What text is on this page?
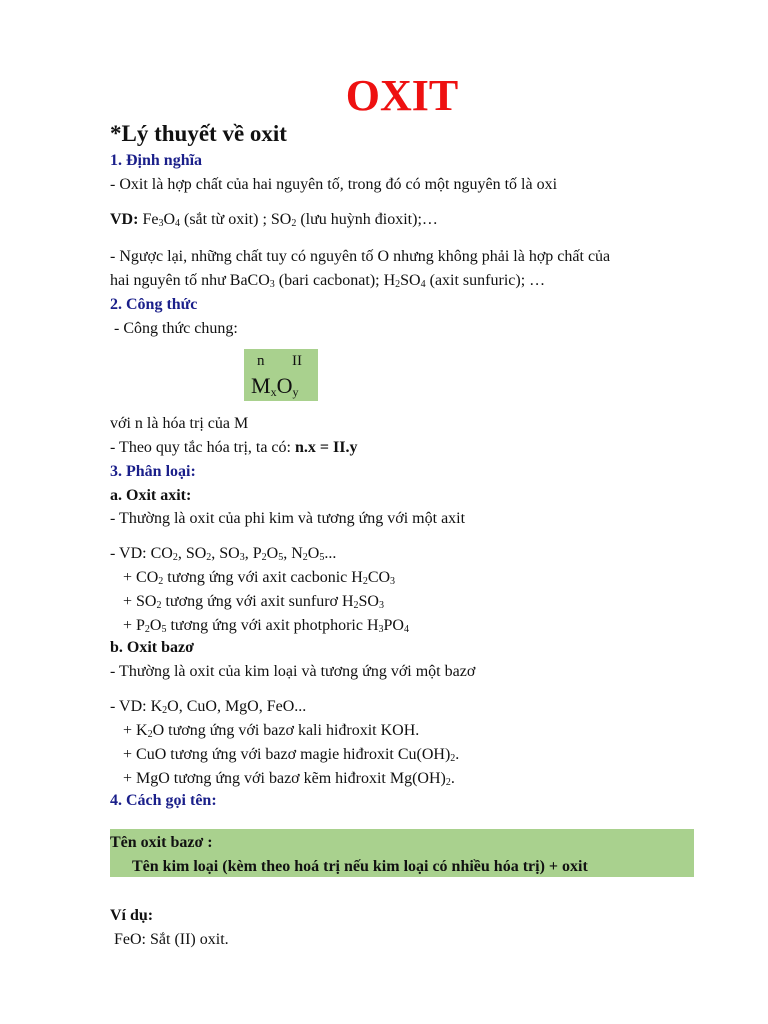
OXIT
*Lý thuyết về oxit
1. Định nghĩa
- Oxit là hợp chất của hai nguyên tố, trong đó có một nguyên tố là oxi
VD: $Fe_3O_4$ (sắt từ oxit) ; $SO_2$ (lưu huỳnh đioxit);…
- Ngược lại, những chất tuy có nguyên tố O nhưng không phải là hợp chất của
hai nguyên tố như BaCO$_3$ (bari cacbonat); $H_2SO_4$ (axit sunfuric); …
2. Công thức
- Công thức chung:
n II
$M_xO_y$
với n là hóa trị của M
- Theo quy tắc hóa trị, ta có: n.x = II.y
3. Phân loại:
a. Oxit axit:
- Thường là oxit của phi kim và tương ứng với một axit
- VD: $CO_2$, $SO_2$, $SO_3$, $P_2O_5$, $N_2O_5$...
+ $CO_2$ tương ứng với axit cacbonic $H_2CO_3$
+ $SO_2$ tương ứng với axit sunfurơ $H_2SO_3$
+ $P_2O_5$ tương ứng với axit photphoric $H_3PO_4$
b. Oxit bazơ
- Thường là oxit của kim loại và tương ứng với một bazơ
- VD: $K_2O$, CuO, MgO, FeO...
+ $K_2O$ tương ứng với bazơ kali hiđroxit KOH.
+ CuO tương ứng với bazơ magie hiđroxit $Cu(OH)_2$.
+ MgO tương ứng với bazơ kẽm hiđroxit $Mg(OH)_2$.
4. Cách gọi tên:
Tên oxit bazơ :
Tên kim loại (kèm theo hoá trị nếu kim loại có nhiều hóa trị) + oxit
Ví dụ:
FeO: Sắt (II) oxit.
